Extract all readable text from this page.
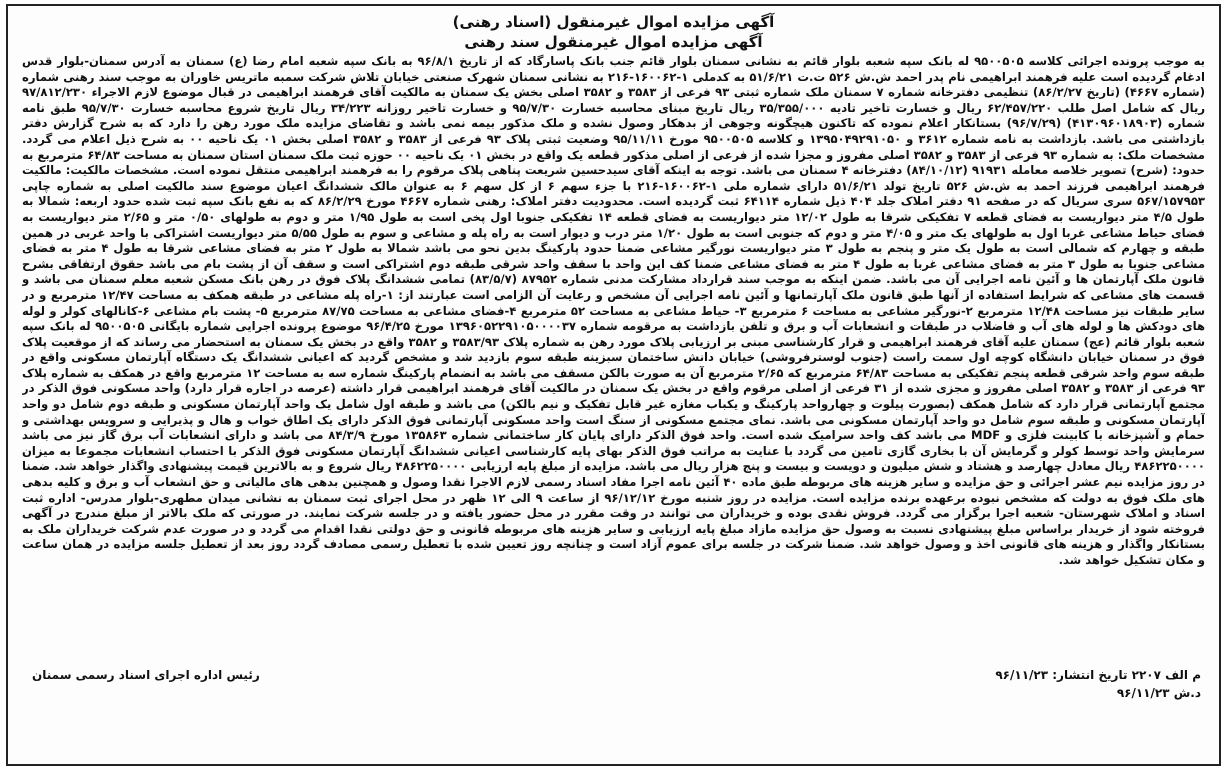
آگهی مزایده اموال غیرمنقول (اسناد رهنی)
آگهی مزایده اموال غیرمنقول سند رهنی

به موجب پرونده اجرائی کلاسه ۹۵۰۰۵۰۵ له بانک سپه شعبه بلوار قائم به نشانی سمنان بلوار قائم جنب بانک پاسارگاد که از تاریخ ۹۶/۸/۱ به بانک سپه شعبه امام رضا (ع) سمنان به آدرس سمنان-بلوار قدس ادغام گردیده است علیه فرهمند ابراهیمی نام پدر احمد ش.ش ۵۲۶ ت.ت ۵۱/۶/۲۱ به کدملی ۱-۱۶۰۰۶۲-۲۱۶ به نشانی سمنان شهرک صنعتی خیابان تلاش شرکت سمبه ماتریس خاوران به موجب سند رهنی شماره (شماره ۴۶۶۷) (تاریخ ۸۶/۲/۲۷) تنظیمی دفترخانه شماره ۷ سمنان ملک شماره ثبتی ۹۳ فرعی از ۳۵۸۳ و ۳۵۸۲ اصلی بخش یک سمنان به مالکیت آقای فرهمند ابراهیمی در قبال موضوع لازم الاجراء ۹۷/۸۱۲/۲۳۰ ریال که شامل اصل طلب ۶۲/۴۵۷/۲۲۰ ریال و خسارت تاخیر تادیه ۳۵/۳۵۵/۰۰۰ ریال تاریخ مبنای محاسبه خسارت ۹۵/۷/۳۰ و خسارت تاخیر روزانه ۳۴/۲۲۳ ریال تاریخ شروع محاسبه خسارت ۹۵/۷/۳۰ طبق نامه شماره (۴۱۳۰۹۶۰۱۸۹۰۳) (۹۶/۷/۲۹) بستانکار اعلام نموده که تاکنون هیچگونه وجوهی از بدهکار وصول نشده و ملک مذکور بیمه نمی باشد و تقاضای مزایده ملک مورد رهن را دارد که به شرح گزارش دفتر بازداشتی می باشد. بازداشت به نامه شماره ۳۶۱۲ و ۱۳۹۵۰۴۹۲۹۱۰۵۰ و کلاسه ۹۵۰۰۵۰۵ مورخ ۹۵/۱۱/۱۱ وضعیت ثبتی پلاک ۹۳ فرعی از ۳۵۸۳ و ۳۵۸۲ اصلی بخش ۰۱ یک ناحیه ۰۰ به شرح ذیل اعلام می گردد. مشخصات ملک: به شماره ۹۳ فرعی از ۳۵۸۳ و ۳۵۸۲ اصلی مفروز و مجزا شده از فرعی از اصلی مذکور قطعه یک واقع در بخش ۰۱ یک ناحیه ۰۰ حوزه ثبت ملک سمنان استان سمنان به مساحت ۶۴/۸۳ مترمربع به حدود: (شرح) تصویر خلاصه معامله ۹۱۹۳۱ (۸۴/۱۰/۱۲) دفترخانه ۴ سمنان می باشد. توجه به اینکه آقای سیدحسین شریعت پناهی پلاک مرقوم را به فرهمند ابراهیمی منتقل نموده است. مشخصات مالکیت: مالکیت فرهمند ابراهیمی فرزند احمد به ش.ش ۵۲۶ تاریخ تولد ۵۱/۶/۲۱ دارای شماره ملی ۱-۱۶۰۰۶۲-۲۱۶ با جزء سهم ۶ از کل سهم ۶ به عنوان مالک ششدانگ اعیان موضوع سند مالکیت اصلی به شماره چاپی ۵۶۷/۱۵۷۹۵۳ سری سریال که در صفحه ۹۱ دفتر املاک جلد ۴۰۴ ذیل شماره ۶۴۱۱۴ ثبت گردیده است. محدودیت دفتر املاک: رهنی شماره ۴۶۶۷ مورخ ۸۶/۲/۲۹ که به نفع بانک سپه ثبت شده حدود اربعه: شمالا به طول ۴/۵ متر دیواریست به فضای قطعه ۷ تفکیکی شرقا به طول ۱۲/۰۲ متر دیواریست به فضای قطعه ۱۴ تفکیکی جنوبا اول پخی است به طول ۱/۹۵ متر و دوم به طولهای ۰/۵۰ متر و ۲/۶۵ متر دیواریست به فضای حیاط مشاعی غربا اول به طولهای یک متر و ۴/۰۵ متر و دوم که جنوبی است به طول ۱/۲۰ متر درب و دیوار است به راه پله و مشاعی و سوم به طول ۵/۵۵ متر دیواریست اشتراکی با واحد غربی در همین طبقه و چهارم که شمالی است به طول یک متر و پنجم به طول ۳ متر دیواریست نورگیر مشاعی ضمنا حدود پارکینگ بدین نحو می باشد شمالا به طول ۲ متر به فضای مشاعی شرقا به طول ۴ متر به فضای مشاعی جنوبا به طول ۳ متر به فضای مشاعی غربا به طول ۴ متر به فضای مشاعی ضمنا کف این واحد با سقف واحد شرقی طبقه دوم اشتراکی است و سقف آن از پشت بام می باشد حقوق ارتفاقی بشرح قانون ملک آپارتمان ها و آئین نامه اجرایی آن می باشد. ضمن اینکه به موجب سند قرارداد مشارکت مدنی شماره ۸۷۹۵۲ (۸۳/۵/۷) تمامی ششدانگ پلاک فوق در رهن بانک مسکن شعبه معلم سمنان می باشد و قسمت های مشاعی که شرایط استفاده از آنها طبق قانون ملک آپارتمانها و آئین نامه اجرایی آن مشخص و رعایت آن الزامی است عبارتند از: ۱-راه پله مشاعی در طبقه همکف به مساحت ۱۲/۴۷ مترمربع و در سایر طبقات نیز مساحت ۱۲/۴۸ مترمربع ۲-نورگیر مشاعی به مساحت ۶ مترمربع ۳- حیاط مشاعی به مساحت ۵۲ مترمربع ۴-فضای مشاعی به مساحت ۸۷/۷۵ مترمربع ۵- پشت بام مشاعی ۶-کانالهای کولر و لوله های دودکش ها و لوله های آب و فاضلاب در طبقات و انشعابات آب و برق و تلفن بازداشت به مرقومه شماره ۱۳۹۶۰۵۲۲۹۱۰۵۰۰۰۰۳۷ مورخ ۹۶/۴/۲۵ موضوع پرونده اجرایی شماره بایگانی ۹۵۰۰۵۰۵ له بانک سپه شعبه بلوار قائم (عج) سمنان علیه آقای فرهمند ابراهیمی و قرار کارشناسی مبنی بر ارزیابی پلاک مورد رهن به شماره پلاک ۳۵۸۳/۹۳ و ۳۵۸۲ واقع در بخش یک سمنان به استحضار می رساند که از موقعیت پلاک فوق در سمنان خیابان دانشگاه کوچه اول سمت راست (جنوب لوسترفروشی) خیابان دانش ساختمان سبزینه طبقه سوم بازدید شد و مشخص گردید که اعیانی ششدانگ یک دستگاه آپارتمان مسکونی واقع در طبقه سوم واحد شرقی قطعه پنجم تفکیکی به مساحت ۶۴/۸۳ مترمربع که ۲/۶۵ مترمربع آن به صورت بالکن مسقف می باشد به انضمام پارکینگ شماره سه به مساحت ۱۲ مترمربع واقع در همکف به شماره پلاک ۹۳ فرعی از ۳۵۸۳ و ۳۵۸۲ اصلی مفروز و مجزی شده از ۳۱ فرعی از اصلی مرقوم واقع در بخش یک سمنان در مالکیت آقای فرهمند ابراهیمی قرار داشته (عرصه در اجاره قرار دارد) واحد مسکونی فوق الذکر در مجتمع آپارتمانی قرار دارد که شامل همکف (بصورت پیلوت و چهارواحد پارکینگ و یکباب مغازه غیر قابل تفکیک و نیم بالکن) می باشد و طبقه اول شامل یک واحد آپارتمان مسکونی و طبقه دوم شامل دو واحد آپارتمان مسکونی و طبقه سوم شامل دو واحد آپارتمان مسکونی می باشد. نمای مجتمع مسکونی از سنگ است واحد مسکونی آپارتمانی فوق الذکر دارای یک اطاق خواب و هال و پذیرایی و سرویس بهداشتی و حمام و آشپزخانه با کابینت فلزی و MDF می باشد کف واحد سرامیک شده است. واحد فوق الذکر دارای پایان کار ساختمانی شماره ۱۳۵۸۶۳ مورخ ۸۴/۳/۹ می باشد و دارای انشعابات آب برق گاز نیز می باشد سرمایش واحد توسط کولر و گرمایش آن با بخاری گازی تامین می گردد با عنایت به مراتب فوق الذکر بهای پایه کارشناسی اعیانی ششدانگ آپارتمان مسکونی فوق الذکر با احتساب انشعابات مجموعا به میزان ۴۸۶۲۲۵۰۰۰۰ ریال معادل چهارصد و هشتاد و شش میلیون و دویست و بیست و پنج هزار ریال می باشد. مزایده از مبلغ پایه ارزیابی ۴۸۶۲۲۵۰۰۰۰ ریال شروع و به بالاترین قیمت پیشنهادی واگذار خواهد شد. ضمنا در روز مزایده نیم عشر اجرائی و حق مزایده و سایر هزینه های مربوطه طبق ماده ۴۰ آئین نامه اجرا مفاد اسناد رسمی لازم الاجرا نقدا وصول و همچنین بدهی های مالیاتی و حق انشعاب آب و برق و کلیه بدهی های ملک فوق به دولت که مشخص نبوده برعهده برنده مزایده است. مزایده در روز شنبه مورخ ۹۶/۱۲/۱۲ از ساعت ۹ الی ۱۲ ظهر در محل اجرای ثبت سمنان به نشانی میدان مطهری-بلوار مدرس- اداره ثبت اسناد و املاک شهرستان- شعبه اجرا برگزار می گردد. فروش نقدی بوده و خریداران می توانند در وقت مقرر در محل حضور یافته و در جلسه شرکت نمایند. در صورتی که ملک بالاتر از مبلغ مندرج در آگهی فروخته شود از خریدار براساس مبلغ پیشنهادی نسبت به وصول حق مزایده مازاد مبلغ پایه ارزیابی و سایر هزینه های مربوطه قانونی و حق دولتی نقدا اقدام می گردد و در صورت عدم شرکت خریداران ملک به بستانکار واگذار و هزینه های قانونی اخذ و وصول خواهد شد. ضمنا شرکت در جلسه برای عموم آزاد است و چنانچه روز تعیین شده با تعطیل رسمی مصادف گردد روز بعد از تعطیل جلسه مزایده در همان ساعت و مکان تشکیل خواهد شد.

م الف ۲۲۰۷ تاریخ انتشار: ۹۶/۱۱/۲۳
د.ش ۹۶/۱۱/۲۳
رئیس اداره اجرای اسناد رسمی سمنان
